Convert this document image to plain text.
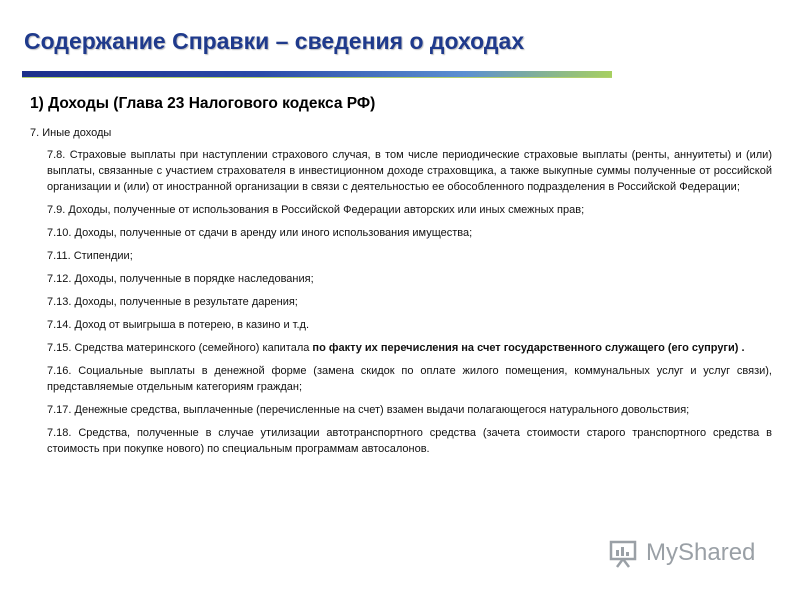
Содержание Справки – сведения о доходах
1) Доходы (Глава 23 Налогового кодекса РФ)
7. Иные доходы

7.8. Страховые выплаты при наступлении страхового случая, в том числе периодические страховые выплаты (ренты, аннуитеты) и (или) выплаты, связанные с участием страхователя в инвестиционном доходе страховщика, а также выкупные суммы полученные от российской организации и (или) от иностранной организации в связи с деятельностью ее обособленного подразделения в Российской Федерации;

7.9. Доходы, полученные от использования в Российской Федерации авторских или иных смежных прав;

7.10. Доходы, полученные от сдачи в аренду или иного использования имущества;

7.11. Стипендии;

7.12. Доходы, полученные в порядке наследования;

7.13. Доходы, полученные в результате дарения;

7.14. Доход от выигрыша в потерею, в казино и т.д.

7.15. Средства материнского (семейного) капитала по факту их перечисления на счет государственного служащего (его супруги) .

7.16. Социальные выплаты в денежной форме (замена скидок по оплате жилого помещения, коммунальных услуг и услуг связи), представляемые отдельным категориям граждан;

7.17. Денежные средства, выплаченные (перечисленные на счет) взамен выдачи полагающегося натурального довольствия;

7.18. Средства, полученные в случае утилизации автотранспортного средства (зачета стоимости старого транспортного средства в стоимость при покупке нового) по специальным программам автосалонов.

MyShared
